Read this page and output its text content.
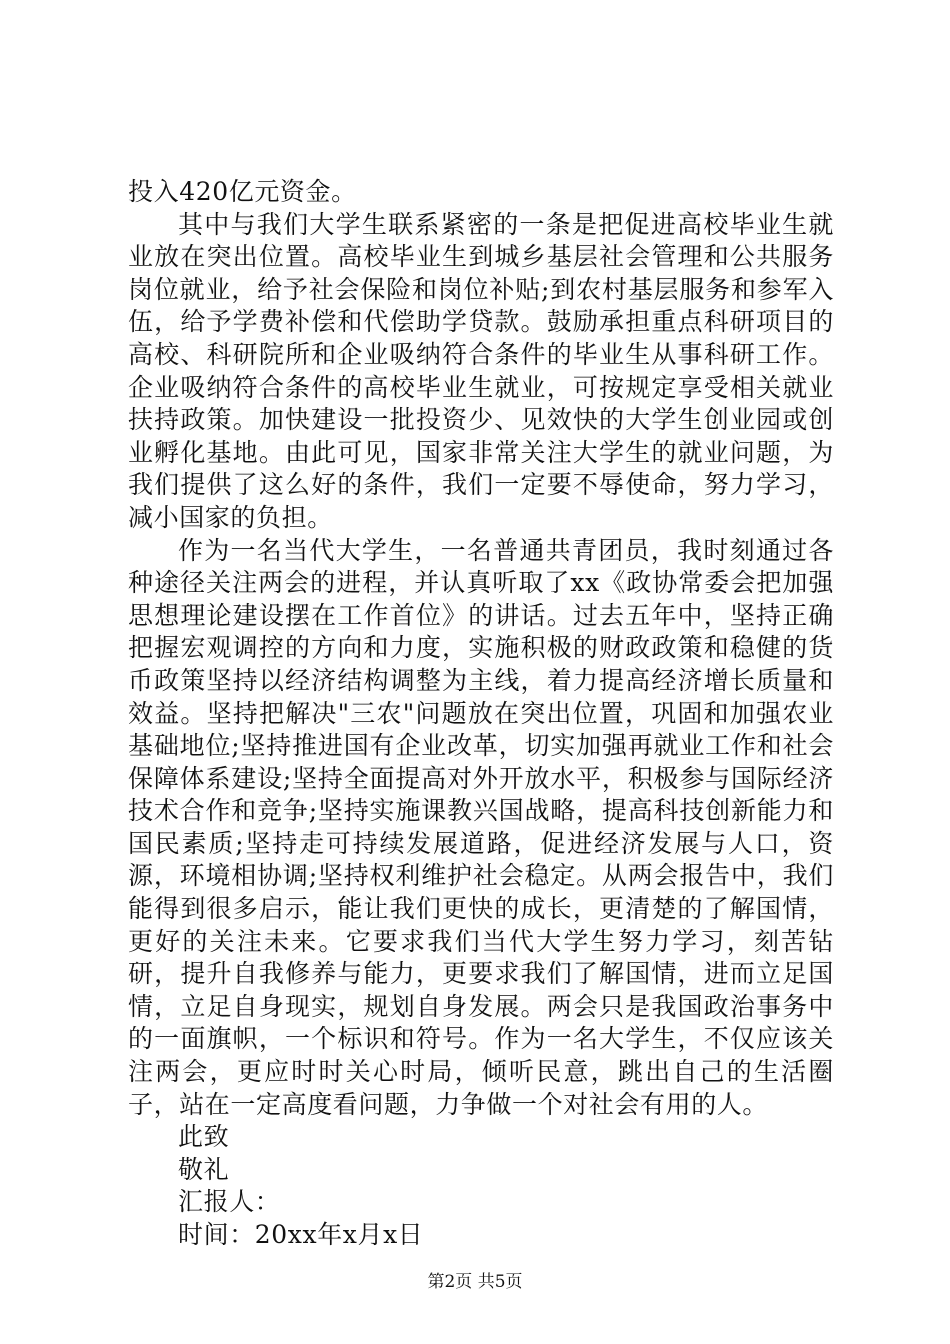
投入420亿元资金。

其中与我们大学生联系紧密的一条是把促进高校毕业生就业放在突出位置。高校毕业生到城乡基层社会管理和公共服务岗位就业，给予社会保险和岗位补贴;到农村基层服务和参军入伍，给予学费补偿和代偿助学贷款。鼓励承担重点科研项目的高校、科研院所和企业吸纳符合条件的毕业生从事科研工作。企业吸纳符合条件的高校毕业生就业，可按规定享受相关就业扶持政策。加快建设一批投资少、见效快的大学生创业园或创业孵化基地。由此可见，国家非常关注大学生的就业问题，为我们提供了这么好的条件，我们一定要不辱使命，努力学习，减小国家的负担。

作为一名当代大学生，一名普通共青团员，我时刻通过各种途径关注两会的进程，并认真听取了xx《政协常委会把加强思想理论建设摆在工作首位》的讲话。过去五年中，坚持正确把握宏观调控的方向和力度，实施积极的财政政策和稳健的货币政策坚持以经济结构调整为主线，着力提高经济增长质量和效益。坚持把解决"三农"问题放在突出位置，巩固和加强农业基础地位;坚持推进国有企业改革，切实加强再就业工作和社会保障体系建设;坚持全面提高对外开放水平，积极参与国际经济技术合作和竞争;坚持实施课教兴国战略，提高科技创新能力和国民素质;坚持走可持续发展道路，促进经济发展与人口，资源，环境相协调;坚持权利维护社会稳定。从两会报告中，我们能得到很多启示，能让我们更快的成长，更清楚的了解国情，更好的关注未来。它要求我们当代大学生努力学习，刻苦钻研，提升自我修养与能力，更要求我们了解国情，进而立足国情，立足自身现实，规划自身发展。两会只是我国政治事务中的一面旗帜，一个标识和符号。作为一名大学生，不仅应该关注两会，更应时时关心时局，倾听民意，跳出自己的生活圈子，站在一定高度看问题，力争做一个对社会有用的人。

此致

敬礼

汇报人：

时间：20xx年x月x日

第2页 共5页
